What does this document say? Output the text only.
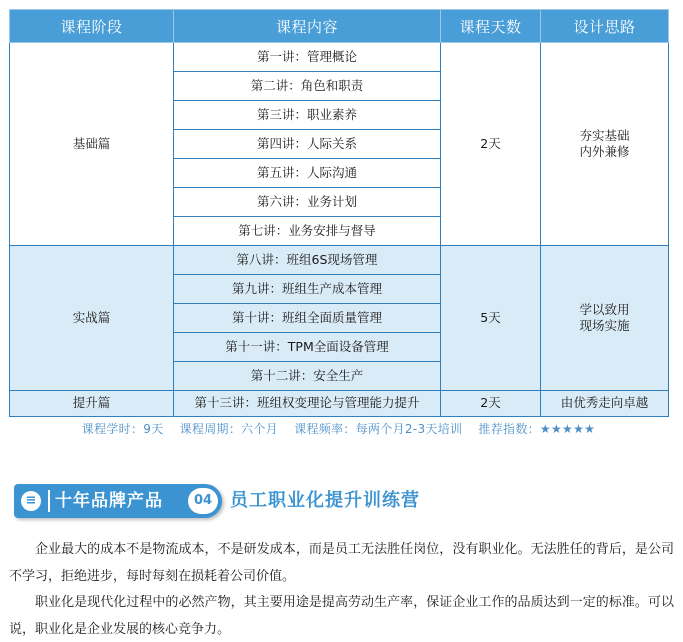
课程阶段	课程内容	课程天数	设计思路
基础篇	第一讲：管理概论	2天	夯实基础
内外兼修

	第二讲：角色和职责		
	第三讲：职业素养		
	第四讲：人际关系		
	第五讲：人际沟通		
	第六讲：业务计划		
	第七讲：业务安排与督导		
实战篇	第八讲：班组6S现场管理	5天	学以致用
现场实施

	第九讲：班组生产成本管理		
	第十讲：班组全面质量管理		
	第十一讲：TPM全面设备管理		
	第十二讲：安全生产		
提升篇	第十三讲：班组权变理论与管理能力提升	2天	由优秀走向卓越
课程学时：9天 课程周期：六个月 课程频率：每两个月2-3天培训 推荐指数：★★★★★
≡ 十年品牌产品	04 员工职业化提升训练营

企业最大的成本不是物流成本，不是研发成本，而是员工无法胜任岗位，没有职业化。无法胜任的背后，是公司不学习，拒绝进步，每时每刻在损耗着公司价值。

职业化是现代化过程中的必然产物，其主要用途是提高劳动生产率，保证企业工作的品质达到一定的标准。可以说，职业化是企业发展的核心竞争力。
